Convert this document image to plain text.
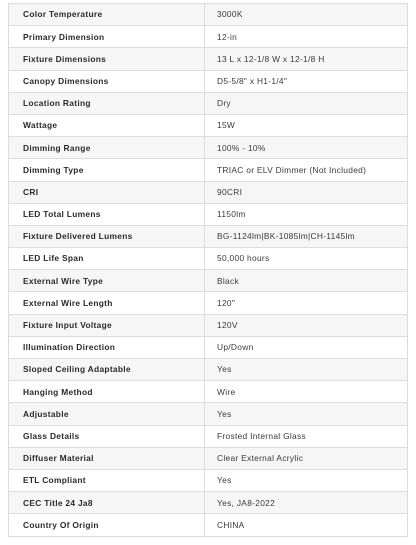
Color Temperature	3000K
Primary Dimension	12-in
Fixture Dimensions	13 L x 12-1/8 W x 12-1/8 H
Canopy Dimensions	D5-5/8" x H1-1/4"
Location Rating	Dry
Wattage	15W
Dimming Range	100% - 10%
Dimming Type	TRIAC or ELV Dimmer (Not Included)
CRI	90CRI
LED Total Lumens	1150lm
Fixture Delivered Lumens	BG-1124lm|BK-1085lm|CH-1145lm
LED Life Span	50,000 hours
External Wire Type	Black
External Wire Length	120"
Fixture Input Voltage	120V
Illumination Direction	Up/Down
Sloped Ceiling Adaptable	Yes
Hanging Method	Wire
Adjustable	Yes
Glass Details	Frosted Internal Glass
Diffuser Material	Clear External Acrylic
ETL Compliant	Yes
CEC Title 24 Ja8	Yes, JA8-2022
Country Of Origin	CHINA
